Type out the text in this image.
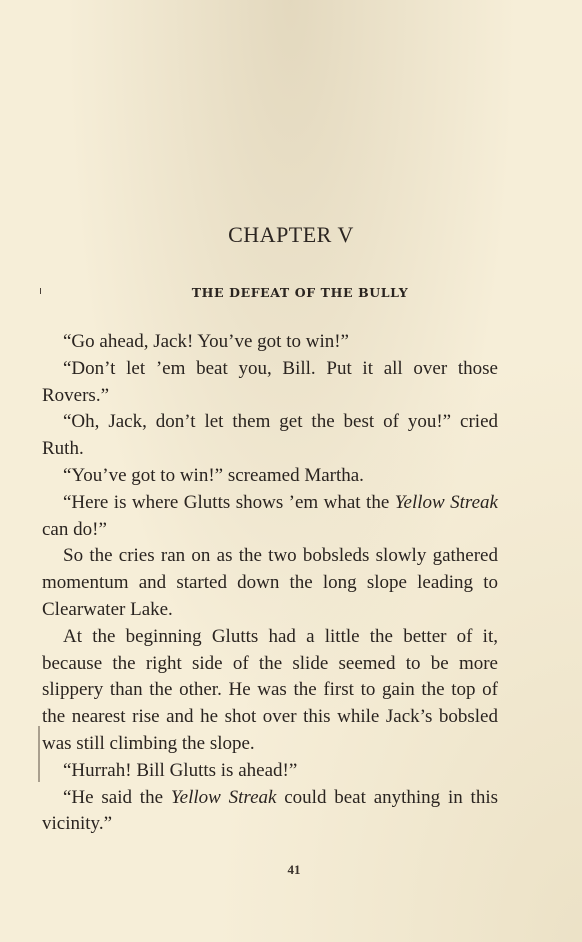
CHAPTER V
THE DEFEAT OF THE BULLY

“Go ahead, Jack! You’ve got to win!”

“Don’t let ’em beat you, Bill. Put it all over those Rovers.”

“Oh, Jack, don’t let them get the best of you!” cried Ruth.

“You’ve got to win!” screamed Martha.

“Here is where Glutts shows ’em what the Yellow Streak can do!”

So the cries ran on as the two bobsleds slowly gathered momentum and started down the long slope leading to Clearwater Lake.

At the beginning Glutts had a little the better of it, because the right side of the slide seemed to be more slippery than the other. He was the first to gain the top of the nearest rise and he shot over this while Jack’s bobsled was still climbing the slope.

“Hurrah! Bill Glutts is ahead!”

“He said the Yellow Streak could beat anything in this vicinity.”

41
